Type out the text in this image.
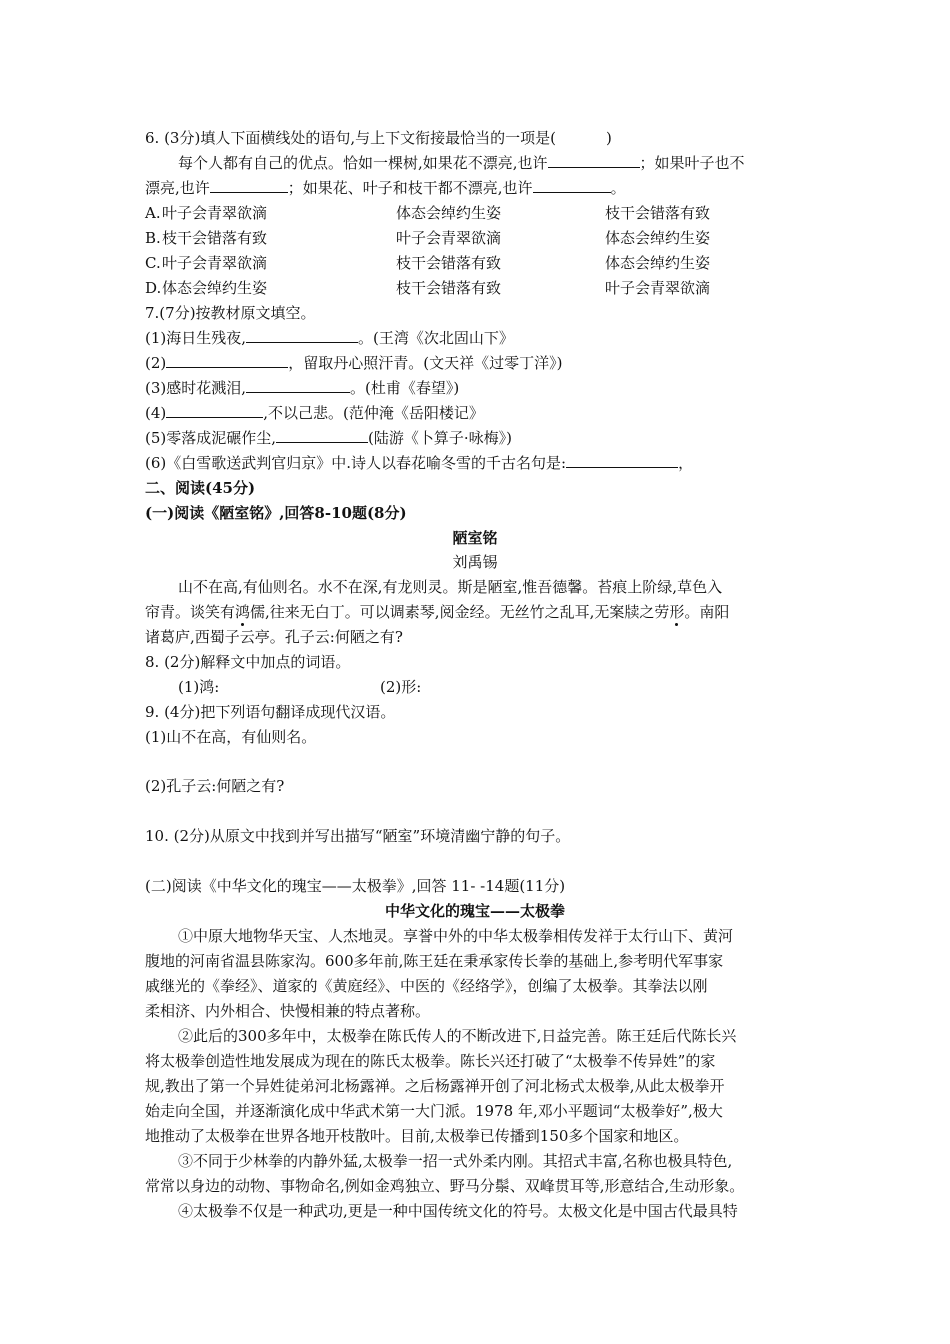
6. (3分)填人下面横线处的语句,与上下文衔接最恰当的一项是(	)
每个人都有自己的优点。恰如一棵树,如果花不漂亮,也许	；如果叶子也不
漂亮,也许	；如果花、叶子和枝干都不漂亮,也许	。
A. 叶子会青翠欲滴	体态会绰约生姿	枝干会错落有致
B. 枝干会错落有致	叶子会青翠欲滴	体态会绰约生姿
C. 叶子会青翠欲滴	枝干会错落有致	体态会绰约生姿
D. 体态会绰约生姿	枝干会错落有致	叶子会青翠欲滴
7.(7分)按教材原文填空。
(1)海日生残夜,	。(王湾《次北固山下》
(2)	，留取丹心照汗青。(文天祥《过零丁洋》)
(3)感时花溅泪,	。(杜甫《春望》)
(4)	,不以己悲。(范仲淹《岳阳楼记》
(5)零落成泥碾作尘,	(陆游《卜算子·咏梅》)
(6)《白雪歌送武判官归京》中.诗人以春花喻冬雪的千古名句是:	，
二、阅读(45分)
(一)阅读《陋室铭》,回答8-10题(8分)
陋室铭
刘禹锡
山不在高,有仙则名。水不在深,有龙则灵。斯是陋室,惟吾德馨。苔痕上阶绿,草色入
帘青。谈笑有鸿儒,往来无白丁。可以调素琴,阅金经。无丝竹之乱耳,无案牍之劳形。南阳
诸葛庐,西蜀子云亭。孔子云:何陋之有?
8. (2分)解释文中加点的词语。
(1)鸿:	(2)形:
9. (4分)把下列语句翻译成现代汉语。
(1)山不在高，有仙则名。
(2)孔子云:何陋之有?
10. (2分)从原文中找到并写出描写“陋室”环境清幽宁静的句子。
(二)阅读《中华文化的瑰宝——太极拳》,回答 11- -14题(11分)
中华文化的瑰宝——太极拳
①中原大地物华天宝、人杰地灵。享誉中外的中华太极拳相传发祥于太行山下、黄河
腹地的河南省温县陈家沟。600多年前,陈王廷在秉承家传长拳的基础上,参考明代军事家
戚继光的《拳经》、道家的《黄庭经》、中医的《经络学》，创编了太极拳。其拳法以刚
柔相济、内外相合、快慢相兼的特点著称。
②此后的300多年中，太极拳在陈氏传人的不断改进下,日益完善。陈王廷后代陈长兴
将太极拳创造性地发展成为现在的陈氏太极拳。陈长兴还打破了“太极拳不传异姓”的家
规,教出了第一个异姓徒弟河北杨露禅。之后杨露禅开创了河北杨式太极拳,从此太极拳开
始走向全国，并逐渐演化成中华武术第一大门派。1978 年,邓小平题词“太极拳好”,极大
地推动了太极拳在世界各地开枝散叶。目前,太极拳已传播到150多个国家和地区。
③不同于少林拳的内静外猛,太极拳一招一式外柔内刚。其招式丰富,名称也极具特色,
常常以身边的动物、事物命名,例如金鸡独立、野马分鬃、双峰贯耳等,形意结合,生动形象。
④太极拳不仅是一种武功,更是一种中国传统文化的符号。太极文化是中国古代最具特
